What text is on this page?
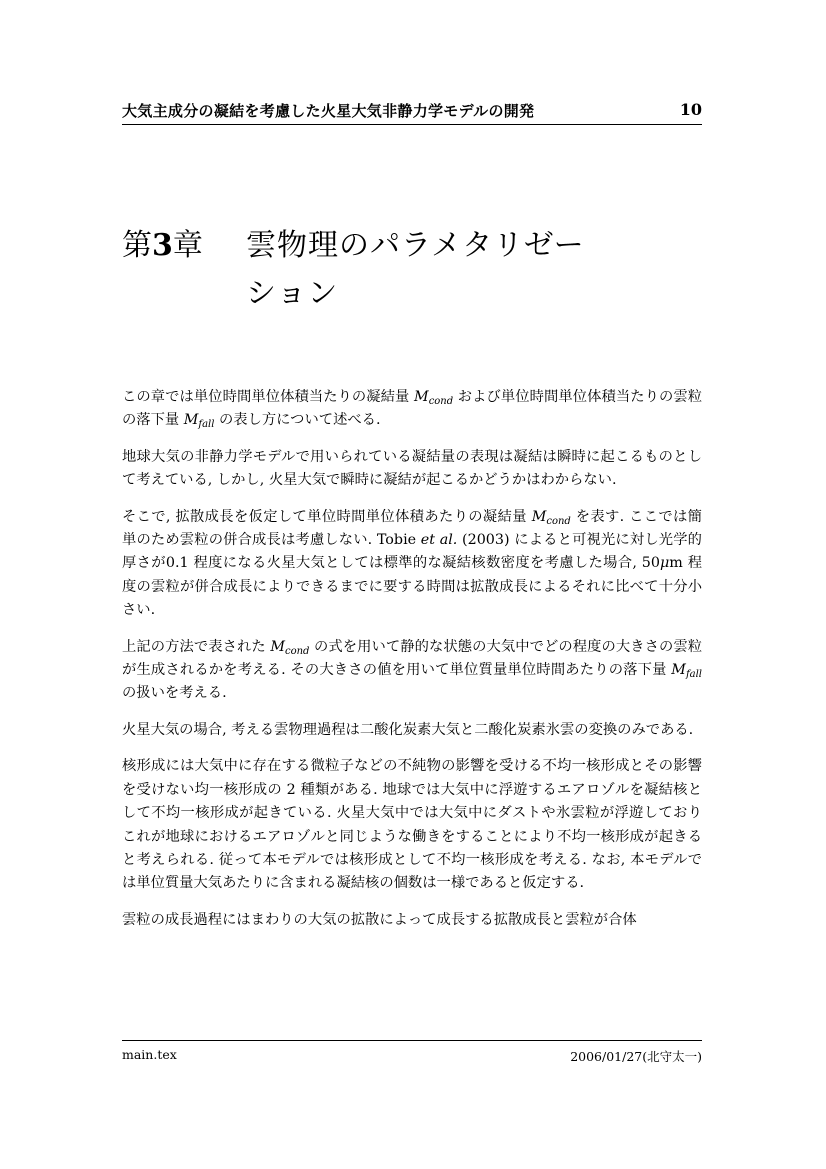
大気主成分の凝結を考慮した火星大気非静力学モデルの開発	10
第3章 雲物理のパラメタリゼー
ション

この章では単位時間単位体積当たりの凝結量 $M_{cond}$ および単位時間単位体積当たりの雲粒の落下量 $M_{fall}$ の表し方について述べる.

地球大気の非静力学モデルで用いられている凝結量の表現は凝結は瞬時に起こるものとして考えている, しかし, 火星大気で瞬時に凝結が起こるかどうかはわからない.

そこで, 拡散成長を仮定して単位時間単位体積あたりの凝結量 $M_{cond}$ を表す. ここでは簡単のため雲粒の併合成長は考慮しない. Tobie et al. (2003) によると可視光に対し光学的厚さが0.1 程度になる火星大気としては標準的な凝結核数密度を考慮した場合, 50μm 程度の雲粒が併合成長によりできるまでに要する時間は拡散成長によるそれに比べて十分小さい.

上記の方法で表された $M_{cond}$ の式を用いて静的な状態の大気中でどの程度の大きさの雲粒が生成されるかを考える. その大きさの値を用いて単位質量単位時間あたりの落下量 $M_{fall}$ の扱いを考える.

火星大気の場合, 考える雲物理過程は二酸化炭素大気と二酸化炭素氷雲の変換のみである.

核形成には大気中に存在する微粒子などの不純物の影響を受ける不均一核形成とその影響を受けない均一核形成の 2 種類がある. 地球では大気中に浮遊するエアロゾルを凝結核として不均一核形成が起きている. 火星大気中では大気中にダストや氷雲粒が浮遊しておりこれが地球におけるエアロゾルと同じような働きをすることにより不均一核形成が起きると考えられる. 従って本モデルでは核形成として不均一核形成を考える. なお, 本モデルでは単位質量大気あたりに含まれる凝結核の個数は一様であると仮定する.

雲粒の成長過程にはまわりの大気の拡散によって成長する拡散成長と雲粒が合体

main.tex	2006/01/27(北守太一)
